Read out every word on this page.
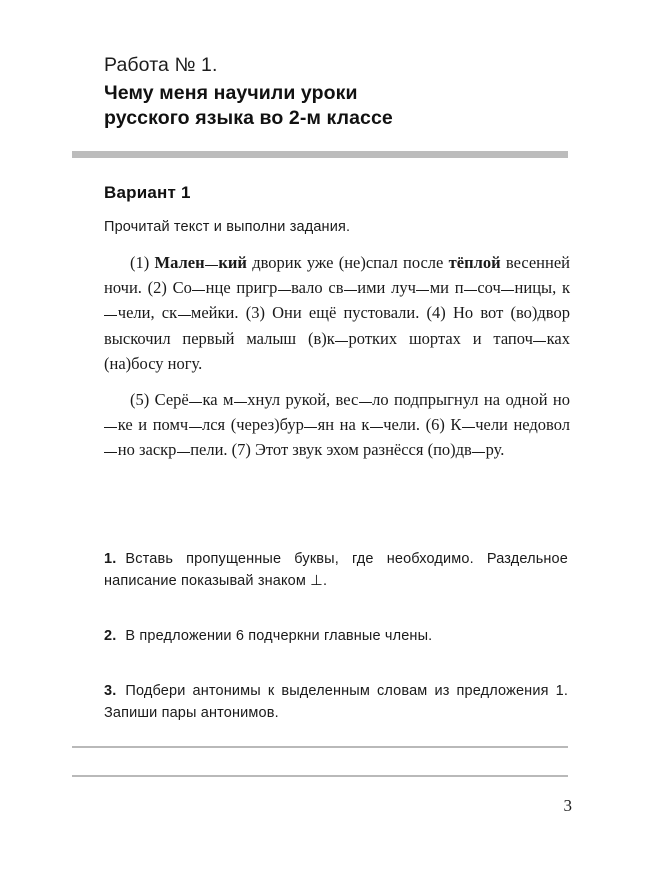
Работа № 1.
Чему меня научили уроки
русского языка во 2-м классе
Вариант 1
Прочитай текст и выполни задания.

(1) Мален кий дворик уже (не)спал после тёплой весенней ночи. (2) Со нце пригр вало св ими луч ми п соч ницы, кчели, ск мейки. (3) Они ещё пустовали. (4) Но вот (во)двор выскочил первый малыш (в)к ротких шортах и тапоч ках (на)босу ногу.

(5) Серё ка м хнул рукой, вес ло подпрыгнул на одной ноке и помч лся (через)бур ян на к чели. (6) К чели недоволно заскр пели. (7) Этот звук эхом разнёсся (по)дв ру.

1. Вставь пропущенные буквы, где необходимо. Раздельное написание показывай знаком ⊥.
2. В предложении 6 подчеркни главные члены.
3. Подбери антонимы к выделенным словам из предложения 1. Запиши пары антонимов.
3
